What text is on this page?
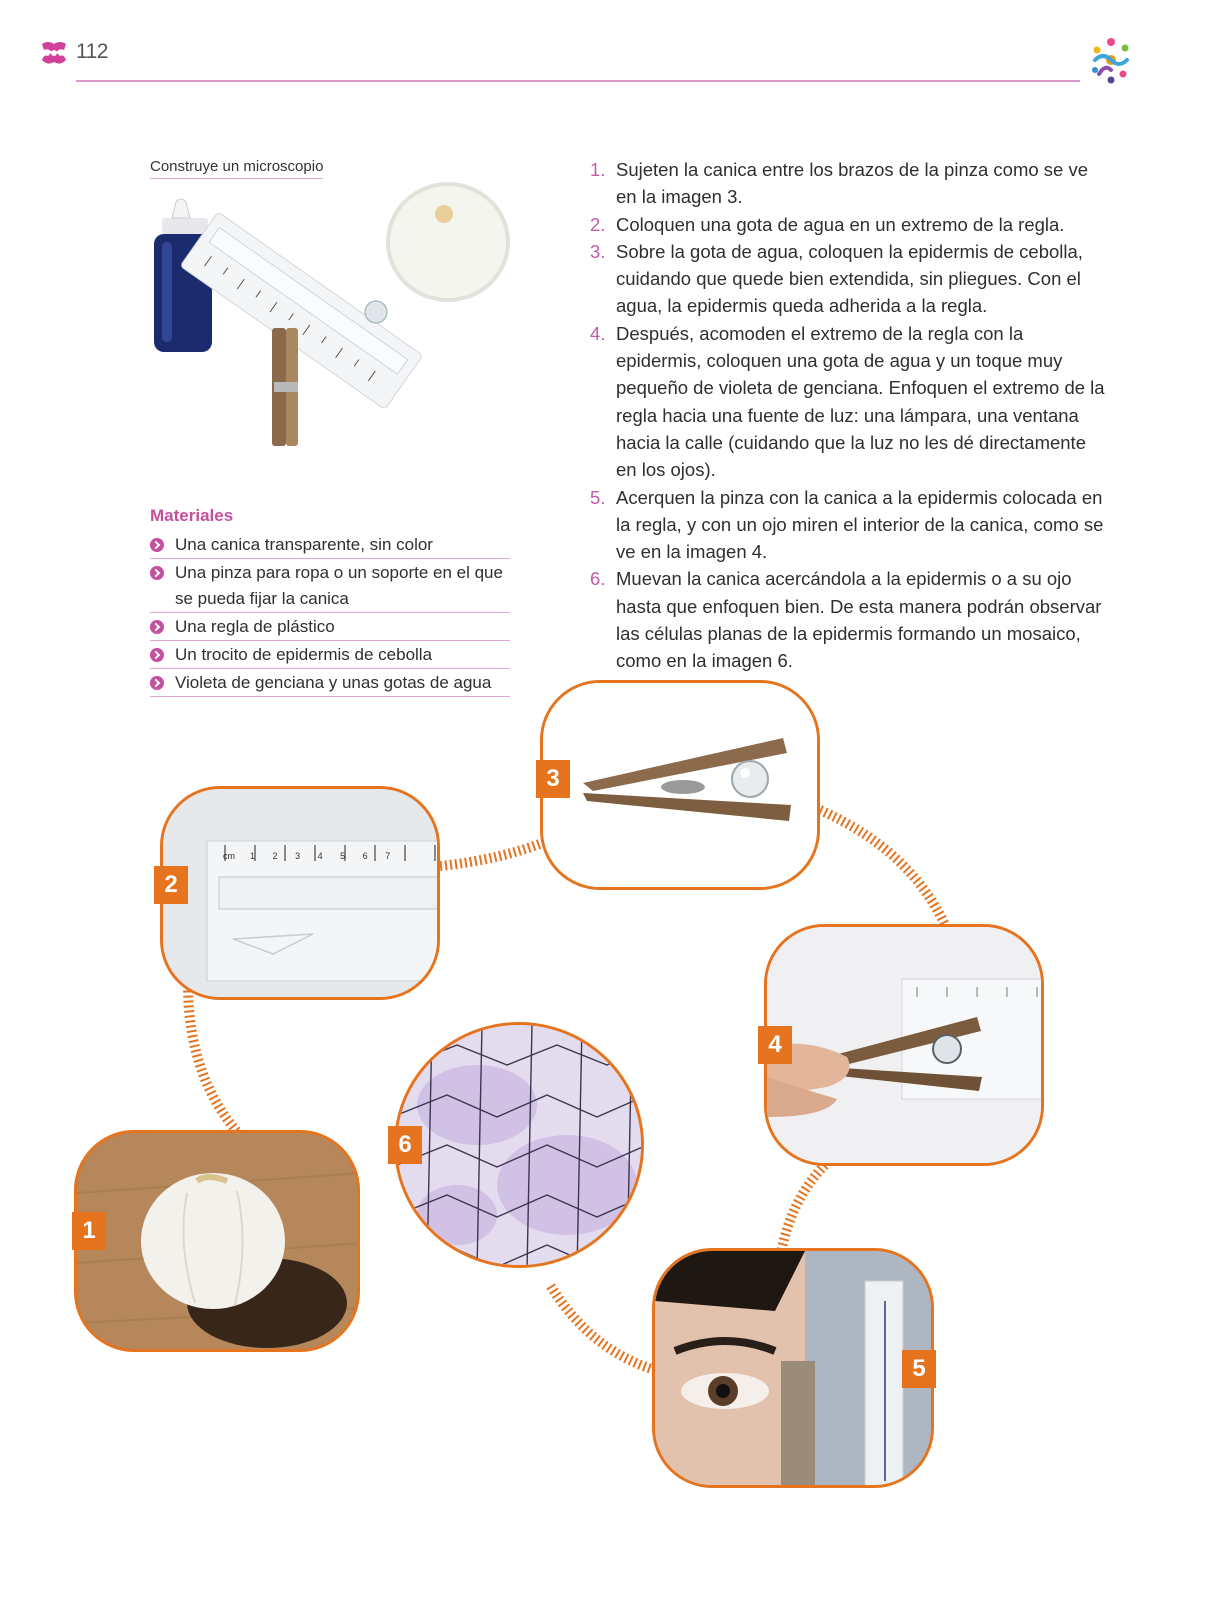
112
Construye un microscopio
Materiales
Una canica transparente, sin color
Una pinza para ropa o un soporte en el que se pueda fijar la canica
Una regla de plástico
Un trocito de epidermis de cebolla
Violeta de genciana y unas gotas de agua
1. Sujeten la canica entre los brazos de la pinza como se ve en la imagen 3.
2. Coloquen una gota de agua en un extremo de la regla.
3. Sobre la gota de agua, coloquen la epidermis de cebolla, cuidando que quede bien extendida, sin pliegues. Con el agua, la epidermis queda adherida a la regla.
4. Después, acomoden el extremo de la regla con la epidermis, coloquen una gota de agua y un toque muy pequeño de violeta de genciana. Enfoquen el extremo de la regla hacia una fuente de luz: una lámpara, una ventana hacia la calle (cuidando que la luz no les dé directamente en los ojos).
5. Acerquen la pinza con la canica a la epidermis colocada en la regla, y con un ojo miren el interior de la canica, como se ve en la imagen 4.
6. Muevan la canica acercándola a la epidermis o a su ojo hasta que enfoquen bien. De esta manera podrán observar las células planas de la epidermis formando un mosaico, como en la imagen 6.
1
cm 1 2 3 4 5 6 7
2
3
4
5
6
